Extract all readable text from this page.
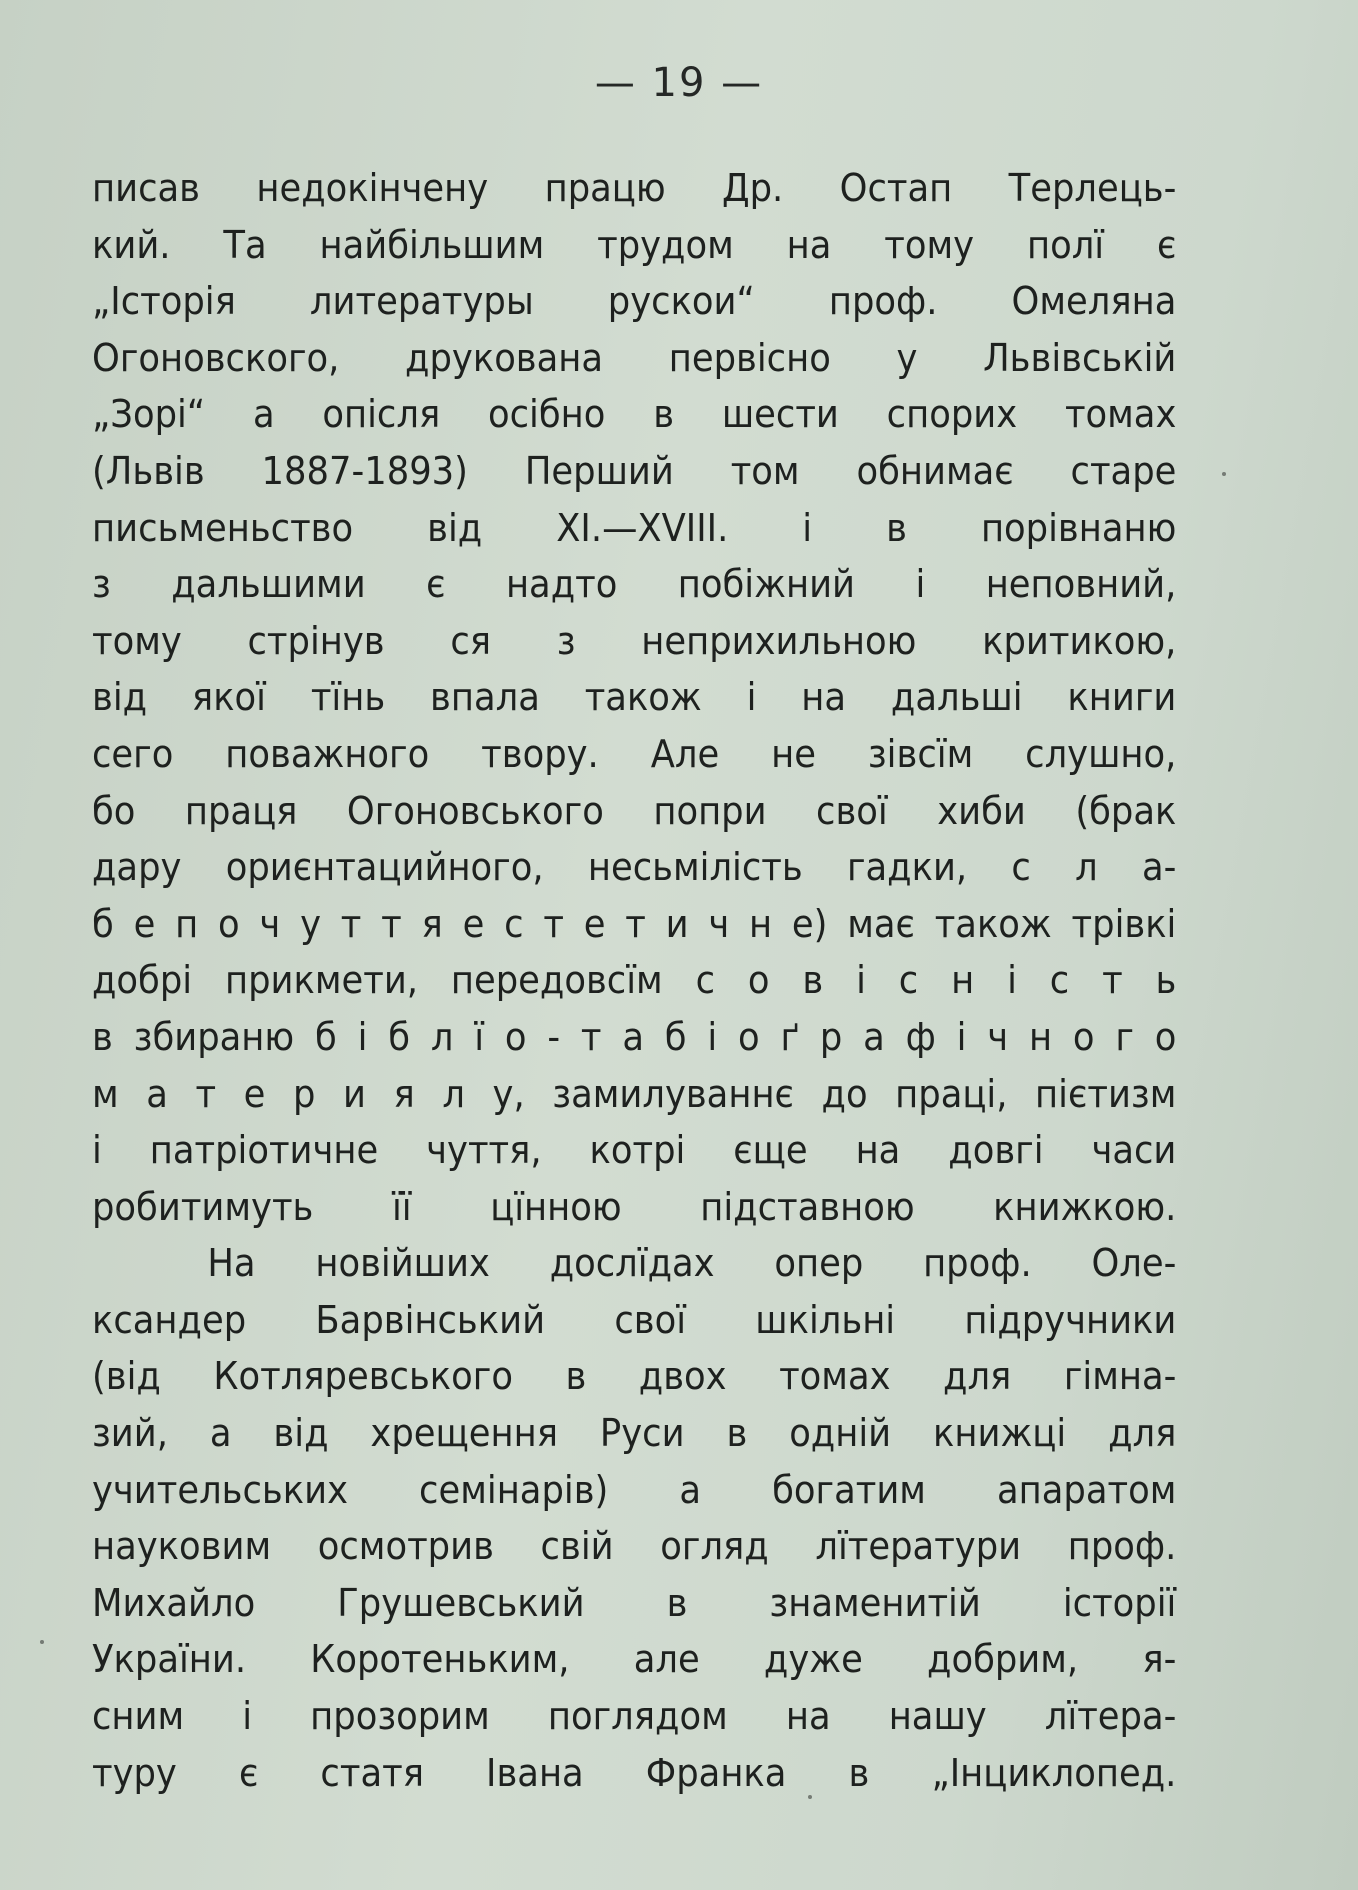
— 19 —
писав недокінчену працю Др. Остап Терлець-
кий. Та найбільшим трудом на тому полї є
„Історія литературы рускои“ проф. Омеляна
Огоновского, друкована первісно у Львівській
„Зорі“ а опісля осібно в шести спорих томах
(Львів 1887-1893) Перший том обнимає старе
письменьство від XI.—XVIII. і в порівнаню
з дальшими є надто побіжний і неповний,
тому стрінув ся з неприхильною критикою,
від якої тїнь впала також і на дальші книги
сего поважного твору. Але не зівсїм слушно,
бо праця Огоновського попри свої хиби (брак
дару ориєнтацийного, несьмілість гадки, с л а-
б е п о ч у т т я е с т е т и ч н е) має також трівкі
добрі прикмети, передовсїм с о в і с н і с т ь
в збираню б і б л ї о - т а б і о ґ р а ф і ч н о г о
м а т е р и я л у, замилуваннє до праці, пієтизм
і патріотичне чуття, котрі єще на довгі часи
робитимуть її цїнною підставною книжкою.
На новійших дослїдах опер проф. Оле-
ксандер Барвінський свої шкільні підручники
(від Котляревського в двох томах для гімна-
зий, а від хрещення Руси в одній книжці для
учительських семінарів) а богатим апаратом
науковим осмотрив свій огляд лїтератури проф.
Михайло Грушевський в знаменитій історії
України. Коротеньким, але дуже добрим, я-
сним і прозорим поглядом на нашу лїтера-
туру є статя Івана Франка в „Інциклопед.
